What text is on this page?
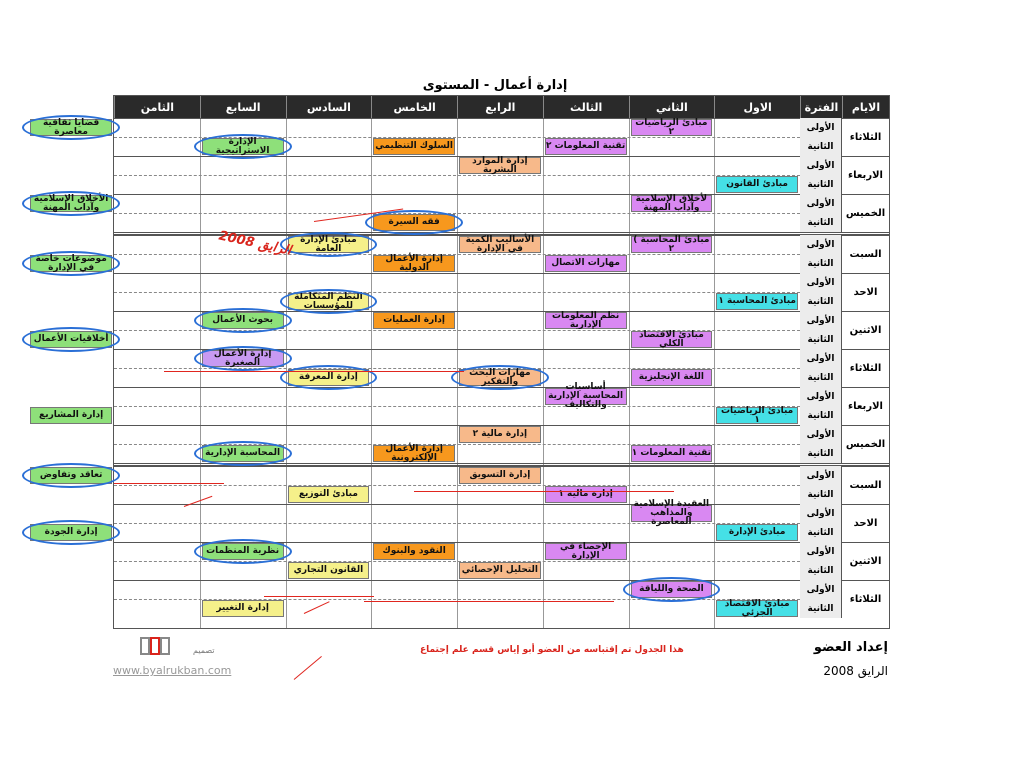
إدارة أعمال - المستوى
الايام
الفترة
الاول
الثاني
الثالث
الرابع
الخامس
السادس
السابع
الثامن
الثلاثاء
الأولى
الثانية
الاربعاء
الأولى
الثانية
الخميس
الأولى
الثانية
السبت
الأولى
الثانية
الاحد
الأولى
الثانية
الاثنين
الأولى
الثانية
الثلاثاء
الأولى
الثانية
الاربعاء
الأولى
الثانية
الخميس
الأولى
الثانية
السبت
الأولى
الثانية
الاحد
الأولى
الثانية
الاثنين
الأولى
الثانية
الثلاثاء
الأولى
الثانية
مبادئ الرياضيات ٢
قضايا ثقافية معاصرة
تقنية المعلومات ٢
السلوك التنظيمي
الإدارة الاستراتيجية
إدارة الموارد البشرية
مبادئ القانون
لأخلاق الإسلامية وآداب المهنة
الأخلاق الإسلامية وآداب المهنة
فقه السيرة
مبادئ المحاسبة ) ٢
الأساليب الكمية في الإدارة
مبادئ الإدارة العامة
مهارات الاتصال
إدارة الأعمال الدولية
موضوعات خاصة في الإدارة
مبادئ المحاسبة ١
النظم المتكاملة للمؤسسات
نظم المعلومات الإدارية
إدارة العمليات
بحوث الأعمال
مبادئ الاقتصاد الكلي
أخلاقيات الأعمال
إدارة الأعمال الصغيرة
اللغة الإنجليزية
مهارات البحث والتفكير
إدارة المعرفة
أساسيات المحاسبة الإدارية والتكاليف
مبادئ الرياضيات ١
إدارة المشاريع
إدارة مالية ٢
تقنية المعلومات ١
إدارة الأعمال الإلكترونية
المحاسبة الإدارية
إدارة التسويق
تعاقد وتفاوض
إدارة مالية ١
مبادئ التوزيع
العقيدة الإسلامية والمذاهب المعاصرة
مبادئ الإدارة
إدارة الجودة
الإحصاء في الإدارة
النقود والبنوك
نظرية المنظمات
التحليل الإحصائي
القانون التجاري
الصحة واللياقة
مبادئ الاقتصاد الجزئي
إدارة التغيير
الرايق 2008
تصميم
www.byalrukban.com
هذا الجدول تم إقتباسه من العضو أبو إياس قسم علم إجتماع	إعداد العضو
الرايق 2008
